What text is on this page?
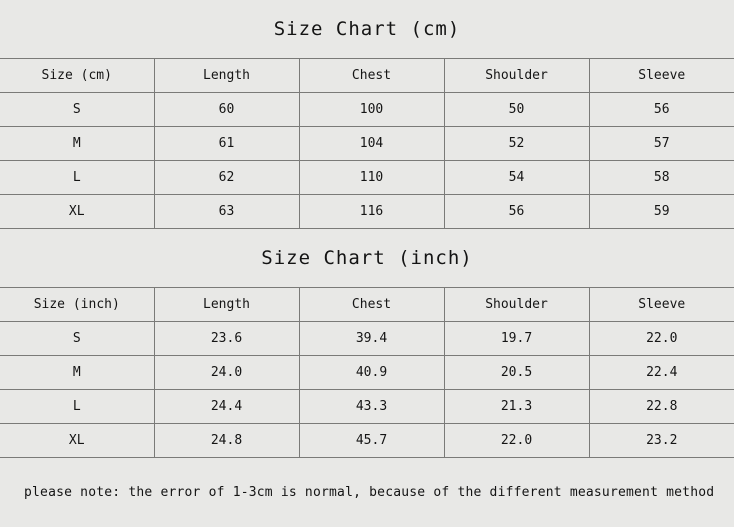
Size Chart (cm)
Size (cm)	Length	Chest	Shoulder	Sleeve
S	60	100	50	56
M	61	104	52	57
L	62	110	54	58
XL	63	116	56	59
Size Chart (inch)
Size (inch)	Length	Chest	Shoulder	Sleeve
S	23.6	39.4	19.7	22.0
M	24.0	40.9	20.5	22.4
L	24.4	43.3	21.3	22.8
XL	24.8	45.7	22.0	23.2
please note: the error of 1-3cm is normal, because of the different measurement method
